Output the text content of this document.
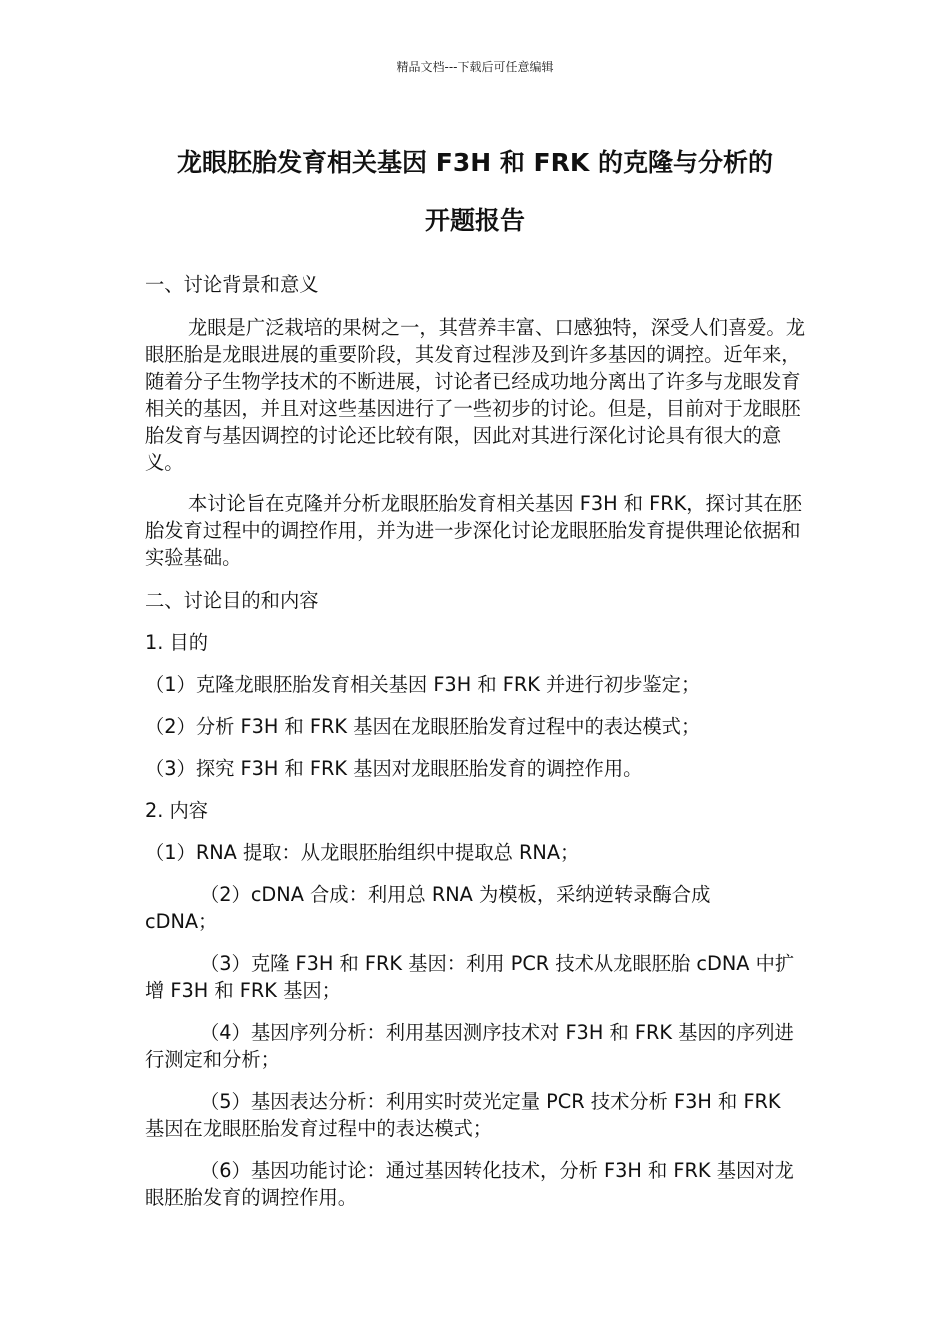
精品文档---下载后可任意编辑
龙眼胚胎发育相关基因 F3H 和 FRK 的克隆与分析的
开题报告

一、讨论背景和意义

龙眼是广泛栽培的果树之一，其营养丰富、口感独特，深受人们喜爱。龙眼胚胎是龙眼进展的重要阶段，其发育过程涉及到许多基因的调控。近年来，随着分子生物学技术的不断进展，讨论者已经成功地分离出了许多与龙眼发育相关的基因，并且对这些基因进行了一些初步的讨论。但是，目前对于龙眼胚胎发育与基因调控的讨论还比较有限，因此对其进行深化讨论具有很大的意义。

本讨论旨在克隆并分析龙眼胚胎发育相关基因 F3H 和 FRK，探讨其在胚胎发育过程中的调控作用，并为进一步深化讨论龙眼胚胎发育提供理论依据和实验基础。

二、讨论目的和内容

1. 目的

（1）克隆龙眼胚胎发育相关基因 F3H 和 FRK 并进行初步鉴定；

（2）分析 F3H 和 FRK 基因在龙眼胚胎发育过程中的表达模式；

（3）探究 F3H 和 FRK 基因对龙眼胚胎发育的调控作用。

2. 内容

（1）RNA 提取：从龙眼胚胎组织中提取总 RNA；

（2）cDNA 合成：利用总 RNA 为模板，采纳逆转录酶合成 cDNA；

（3）克隆 F3H 和 FRK 基因：利用 PCR 技术从龙眼胚胎 cDNA 中扩增 F3H 和 FRK 基因；

（4）基因序列分析：利用基因测序技术对 F3H 和 FRK 基因的序列进行测定和分析；

（5）基因表达分析：利用实时荧光定量 PCR 技术分析 F3H 和 FRK 基因在龙眼胚胎发育过程中的表达模式；

（6）基因功能讨论：通过基因转化技术，分析 F3H 和 FRK 基因对龙眼胚胎发育的调控作用。
